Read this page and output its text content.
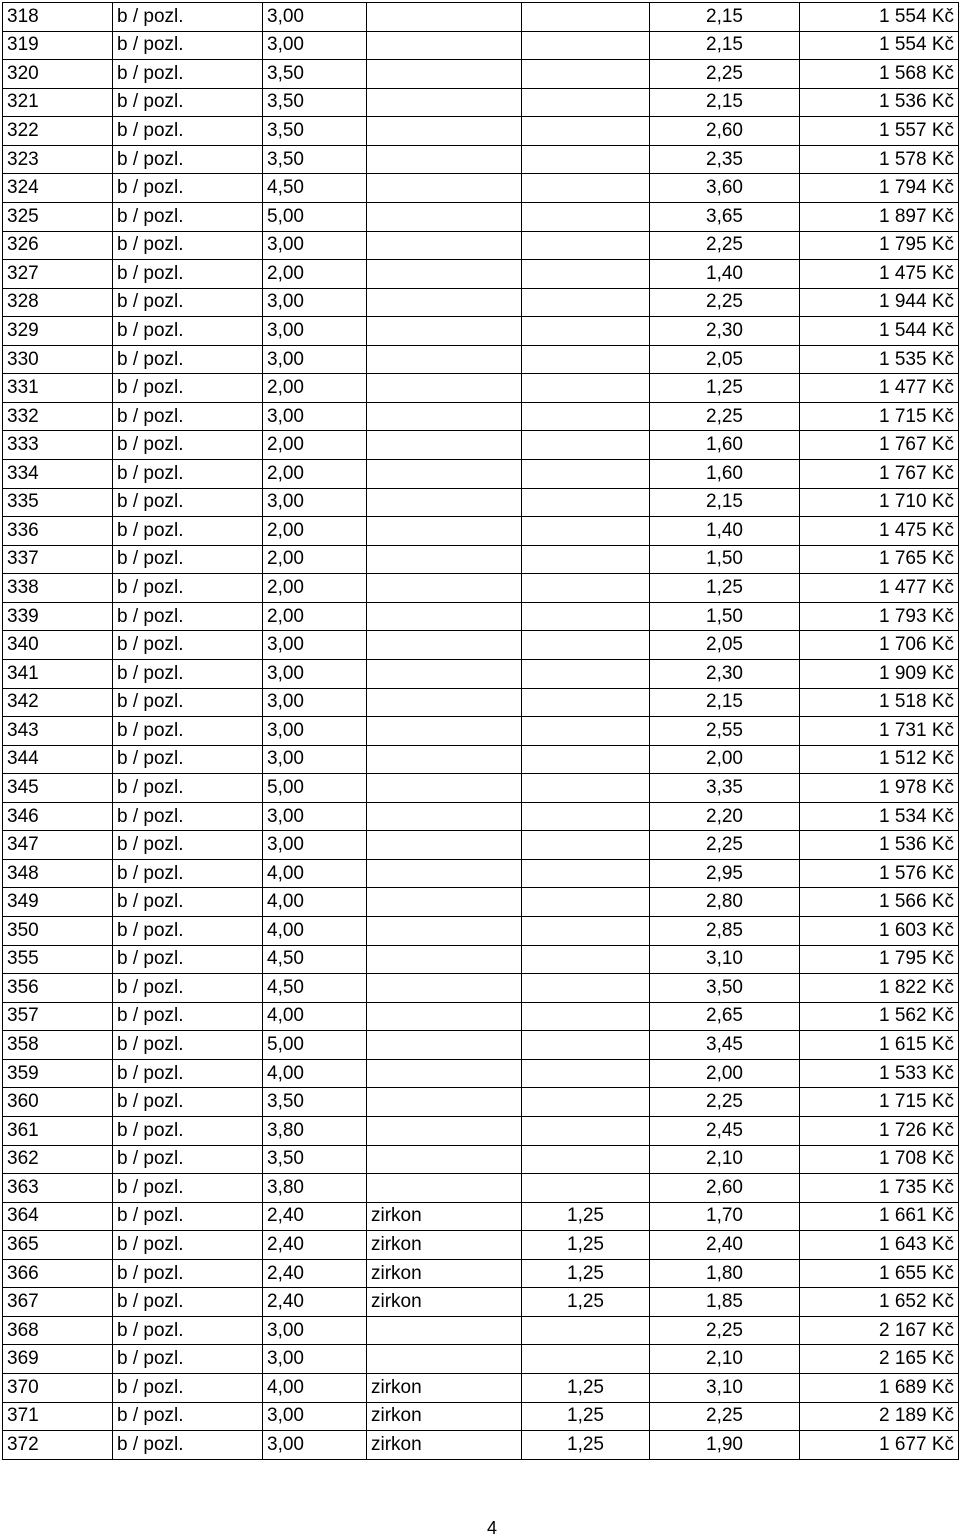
318	b / pozl.	3,00			2,15	1 554 Kč
319	b / pozl.	3,00			2,15	1 554 Kč
320	b / pozl.	3,50			2,25	1 568 Kč
321	b / pozl.	3,50			2,15	1 536 Kč
322	b / pozl.	3,50			2,60	1 557 Kč
323	b / pozl.	3,50			2,35	1 578 Kč
324	b / pozl.	4,50			3,60	1 794 Kč
325	b / pozl.	5,00			3,65	1 897 Kč
326	b / pozl.	3,00			2,25	1 795 Kč
327	b / pozl.	2,00			1,40	1 475 Kč
328	b / pozl.	3,00			2,25	1 944 Kč
329	b / pozl.	3,00			2,30	1 544 Kč
330	b / pozl.	3,00			2,05	1 535 Kč
331	b / pozl.	2,00			1,25	1 477 Kč
332	b / pozl.	3,00			2,25	1 715 Kč
333	b / pozl.	2,00			1,60	1 767 Kč
334	b / pozl.	2,00			1,60	1 767 Kč
335	b / pozl.	3,00			2,15	1 710 Kč
336	b / pozl.	2,00			1,40	1 475 Kč
337	b / pozl.	2,00			1,50	1 765 Kč
338	b / pozl.	2,00			1,25	1 477 Kč
339	b / pozl.	2,00			1,50	1 793 Kč
340	b / pozl.	3,00			2,05	1 706 Kč
341	b / pozl.	3,00			2,30	1 909 Kč
342	b / pozl.	3,00			2,15	1 518 Kč
343	b / pozl.	3,00			2,55	1 731 Kč
344	b / pozl.	3,00			2,00	1 512 Kč
345	b / pozl.	5,00			3,35	1 978 Kč
346	b / pozl.	3,00			2,20	1 534 Kč
347	b / pozl.	3,00			2,25	1 536 Kč
348	b / pozl.	4,00			2,95	1 576 Kč
349	b / pozl.	4,00			2,80	1 566 Kč
350	b / pozl.	4,00			2,85	1 603 Kč
355	b / pozl.	4,50			3,10	1 795 Kč
356	b / pozl.	4,50			3,50	1 822 Kč
357	b / pozl.	4,00			2,65	1 562 Kč
358	b / pozl.	5,00			3,45	1 615 Kč
359	b / pozl.	4,00			2,00	1 533 Kč
360	b / pozl.	3,50			2,25	1 715 Kč
361	b / pozl.	3,80			2,45	1 726 Kč
362	b / pozl.	3,50			2,10	1 708 Kč
363	b / pozl.	3,80			2,60	1 735 Kč
364	b / pozl.	2,40	zirkon	1,25	1,70	1 661 Kč
365	b / pozl.	2,40	zirkon	1,25	2,40	1 643 Kč
366	b / pozl.	2,40	zirkon	1,25	1,80	1 655 Kč
367	b / pozl.	2,40	zirkon	1,25	1,85	1 652 Kč
368	b / pozl.	3,00			2,25	2 167 Kč
369	b / pozl.	3,00			2,10	2 165 Kč
370	b / pozl.	4,00	zirkon	1,25	3,10	1 689 Kč
371	b / pozl.	3,00	zirkon	1,25	2,25	2 189 Kč
372	b / pozl.	3,00	zirkon	1,25	1,90	1 677 Kč
4
